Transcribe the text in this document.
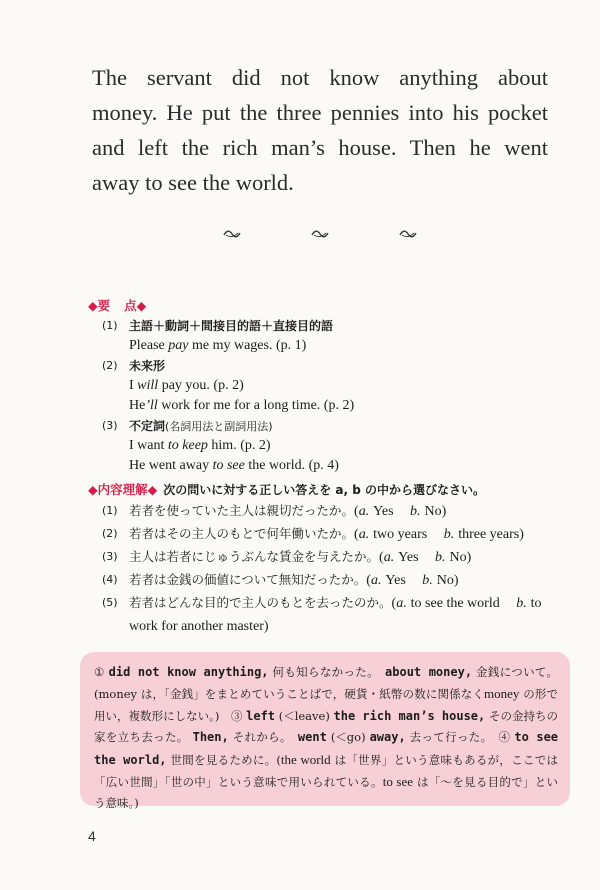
The servant did not know anything about
money. He put the three pennies into his pocket
and left the rich man’s house. Then he went
away to see the world.
◆要 点◆
(1) 主語＋動詞＋間接目的語＋直接目的語
Please pay me my wages. (p. 1)
(2) 未来形
I will pay you. (p. 2)
He’ll work for me for a long time. (p. 2)
(3) 不定詞(名詞用法と副詞用法)
I want to keep him. (p. 2)
He went away to see the world. (p. 4)
◆内容理解◆ 次の問いに対する正しい答えを a, b の中から選びなさい。
(1) 若者を使っていた主人は親切だったか。(a. Yes　 b. No)
(2) 若者はその主人のもとで何年働いたか。(a. two years　 b. three years)
(3) 主人は若者にじゅうぶんな賃金を与えたか。(a. Yes　 b. No)
(4) 若者は金銭の価値について無知だったか。(a. Yes　 b. No)
(5) 若者はどんな目的で主人のもとを去ったのか。(a. to see the world　 b. to work for another master)
① did not know anything, 何も知らなかった。　 about money, 金銭について。(money は，「金銭」をまとめていうことばで，硬貨・紙幣の数に関係なくmoney の形で用い，複数形にしない。)　 ③ left (＜leave) the rich man’s house, その金持ちの家を立ち去った。 Then, それから。　 went (＜go) away, 去って行った。　 ④ to see the world, 世間を見るために。(the world は「世界」という意味もあるが，ここでは「広い世間」「世の中」という意味で用いられている。to see は「～を見る目的で」という意味。)
4
